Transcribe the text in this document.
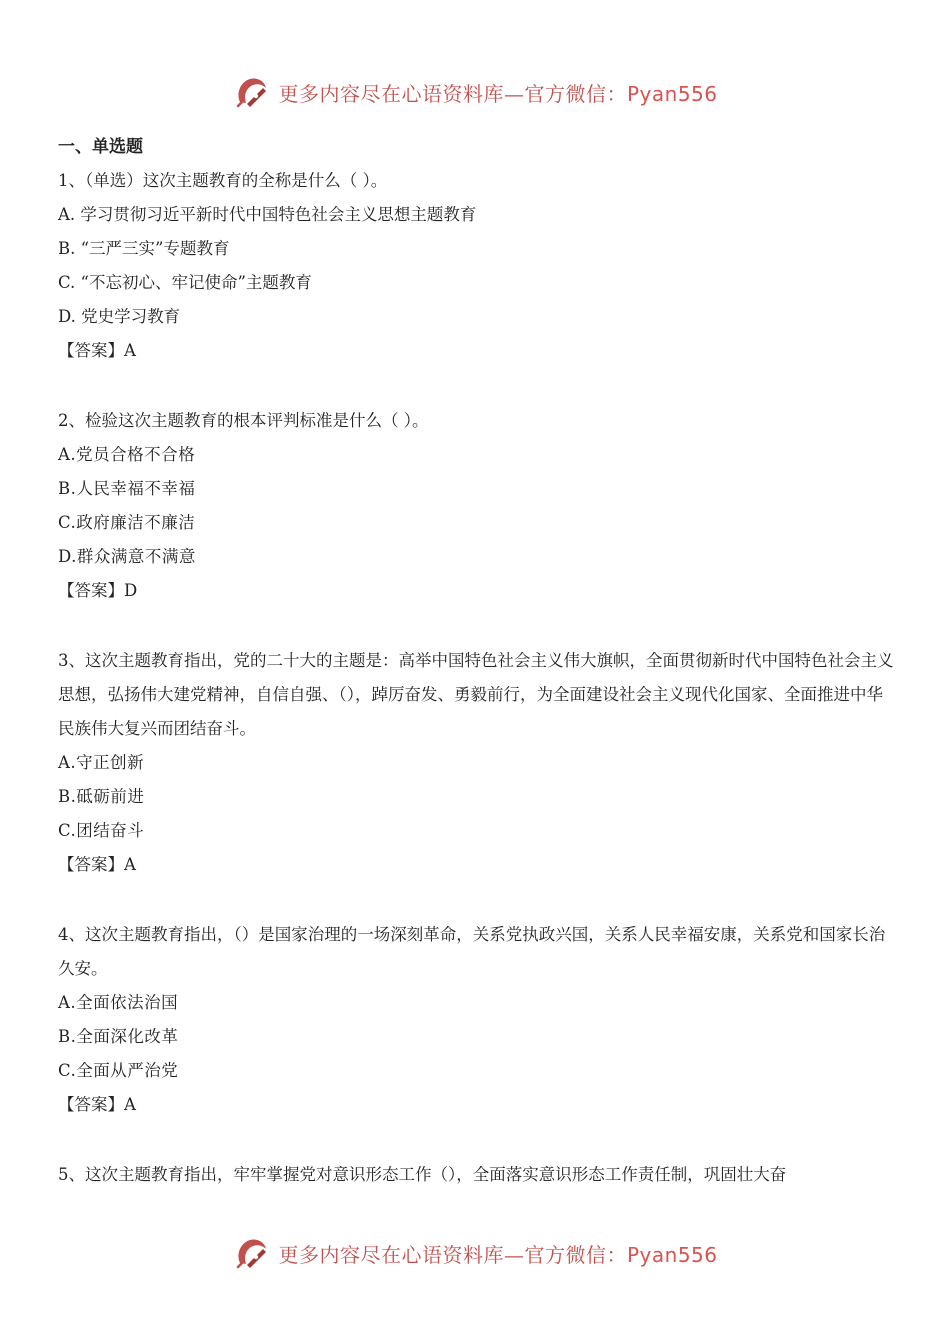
更多内容尽在心语资料库—官方微信：Pyan556
一、单选题
1、（单选）这次主题教育的全称是什么（ ）。
A. 学习贯彻习近平新时代中国特色社会主义思想主题教育
B. “三严三实”专题教育
C. “不忘初心、牢记使命”主题教育
D. 党史学习教育
【答案】A
2、检验这次主题教育的根本评判标准是什么（ ）。
A.党员合格不合格
B.人民幸福不幸福
C.政府廉洁不廉洁
D.群众满意不满意
【答案】D
3、这次主题教育指出，党的二十大的主题是：高举中国特色社会主义伟大旗帜，全面贯彻新时代中国特色社会主义思想，弘扬伟大建党精神，自信自强、（），踔厉奋发、勇毅前行，为全面建设社会主义现代化国家、全面推进中华民族伟大复兴而团结奋斗。
A.守正创新
B.砥砺前进
C.团结奋斗
【答案】A
4、这次主题教育指出，（）是国家治理的一场深刻革命，关系党执政兴国，关系人民幸福安康，关系党和国家长治久安。
A.全面依法治国
B.全面深化改革
C.全面从严治党
【答案】A
5、这次主题教育指出，牢牢掌握党对意识形态工作（），全面落实意识形态工作责任制，巩固壮大奋
更多内容尽在心语资料库—官方微信：Pyan556
